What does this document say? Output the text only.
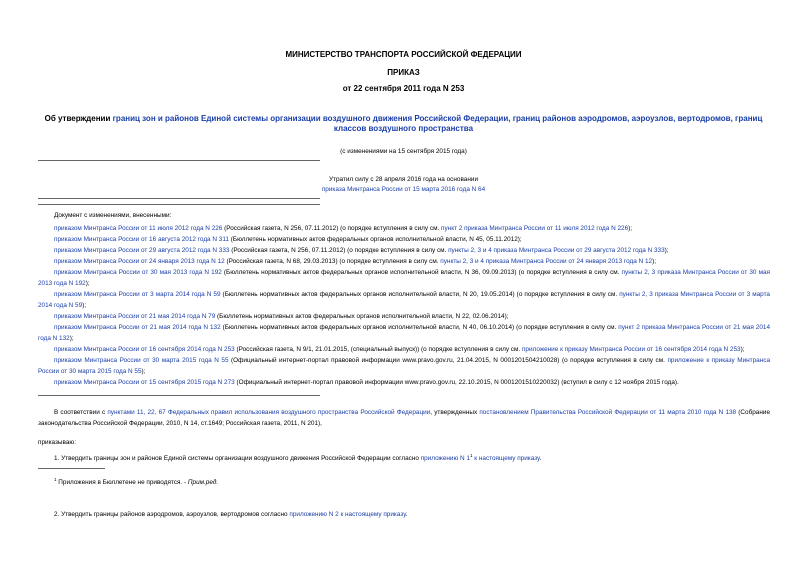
МИНИСТЕРСТВО ТРАНСПОРТА РОССИЙСКОЙ ФЕДЕРАЦИИ
ПРИКАЗ
от 22 сентября 2011 года N 253
Об утверждении границ зон и районов Единой системы организации воздушного движения Российской Федерации, границ районов аэродромов, аэроузлов, вертодромов, границ классов воздушного пространства
(с изменениями на 15 сентября 2015 года)
Утратил силу с 28 апреля 2016 года на основании
приказа Минтранса России от 15 марта 2016 года N 64
Документ с изменениями, внесенными:

приказом Минтранса России от 11 июля 2012 года N 226 (Российская газета, N 256, 07.11.2012) (о порядке вступления в силу см. пункт 2 приказа Минтранса России от 11 июля 2012 года N 226);

приказом Минтранса России от 16 августа 2012 года N 311 (Бюллетень нормативных актов федеральных органов исполнительной власти, N 45, 05.11.2012);

приказом Минтранса России от 29 августа 2012 года N 333 (Российская газета, N 256, 07.11.2012) (о порядке вступления в силу см. пункты 2, 3 и 4 приказа Минтранса России от 29 августа 2012 года N 333);

приказом Минтранса России от 24 января 2013 года N 12 (Российская газета, N 68, 29.03.2013) (о порядке вступления в силу см. пункты 2, 3 и 4 приказа Минтранса России от 24 января 2013 года N 12);

приказом Минтранса России от 30 мая 2013 года N 192 (Бюллетень нормативных актов федеральных органов исполнительной власти, N 36, 09.09.2013) (о порядке вступления в силу см. пункты 2, 3 приказа Минтранса России от 30 мая 2013 года N 192);

приказом Минтранса России от 3 марта 2014 года N 59 (Бюллетень нормативных актов федеральных органов исполнительной власти, N 20, 19.05.2014) (о порядке вступления в силу см. пункты 2, 3 приказа Минтранса России от 3 марта 2014 года N 59);

приказом Минтранса России от 21 мая 2014 года N 79 (Бюллетень нормативных актов федеральных органов исполнительной власти, N 22, 02.06.2014);

приказом Минтранса России от 21 мая 2014 года N 132 (Бюллетень нормативных актов федеральных органов исполнительной власти, N 40, 06.10.2014) (о порядке вступления в силу см. пункт 2 приказа Минтранса России от 21 мая 2014 года N 132);

приказом Минтранса России от 16 сентября 2014 года N 253 (Российская газета, N 9/1, 21.01.2015, (специальный выпуск)) (о порядке вступления в силу см. приложение к приказу Минтранса России от 16 сентября 2014 года N 253);

приказом Минтранса России от 30 марта 2015 года N 55 (Официальный интернет-портал правовой информации www.pravo.gov.ru, 21.04.2015, N 0001201504210028) (о порядке вступления в силу см. приложение к приказу Минтранса России от 30 марта 2015 года N 55);

приказом Минтранса России от 15 сентября 2015 года N 273 (Официальный интернет-портал правовой информации www.pravo.gov.ru, 22.10.2015, N 0001201510220032) (вступил в силу с 12 ноября 2015 года).

В соответствии с пунктами 11, 22, 67 Федеральных правил использования воздушного пространства Российской Федерации, утвержденных постановлением Правительства Российской Федерации от 11 марта 2010 года N 138 (Собрание законодательства Российской Федерации, 2010, N 14, ст.1649; Российская газета, 2011, N 201),
приказываю:
1. Утвердить границы зон и районов Единой системы организации воздушного движения Российской Федерации согласно приложению N $1^1$ к настоящему приказу.
$^1$ Приложения в Бюллетене не приводятся. - Прим.ред.
2. Утвердить границы районов аэродромов, аэроузлов, вертодромов согласно приложению N 2 к настоящему приказу.
